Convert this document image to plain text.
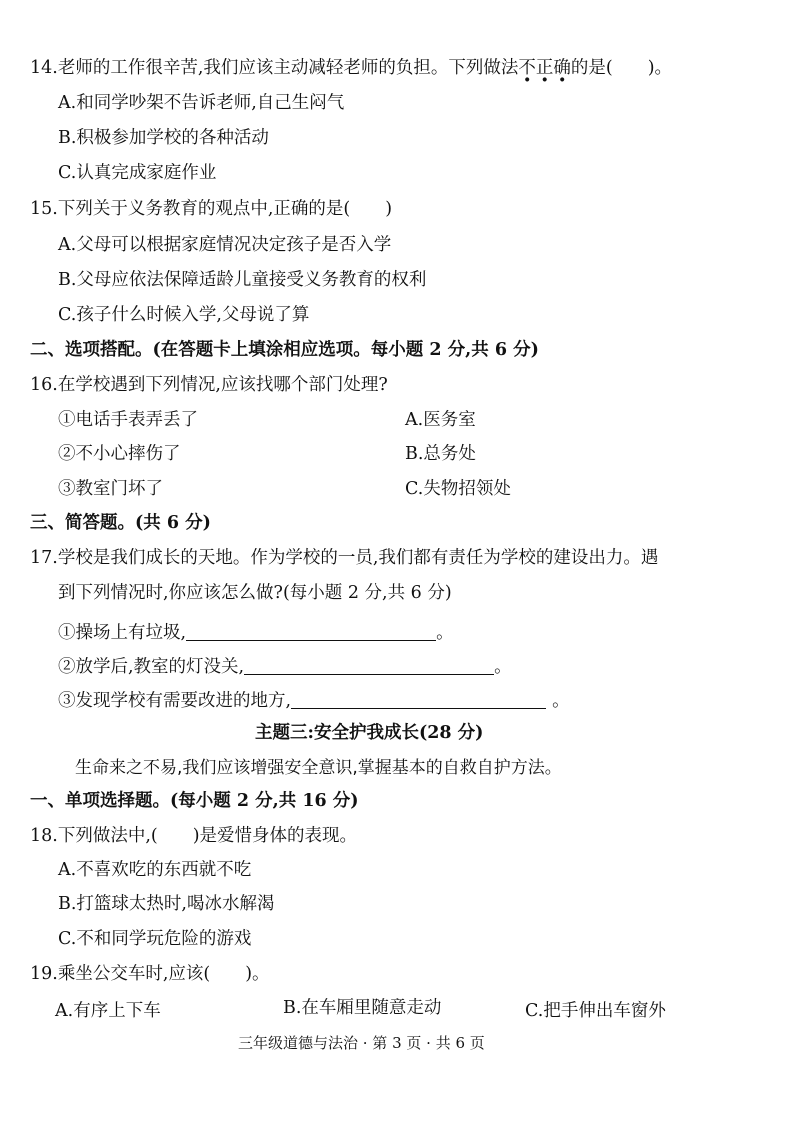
14.老师的工作很辛苦,我们应该主动减轻老师的负担。下列做法不正确的是(　　)。
A.和同学吵架不告诉老师,自己生闷气
B.积极参加学校的各种活动
C.认真完成家庭作业
15.下列关于义务教育的观点中,正确的是(　　)
A.父母可以根据家庭情况决定孩子是否入学
B.父母应依法保障适龄儿童接受义务教育的权利
C.孩子什么时候入学,父母说了算
二、选项搭配。(在答题卡上填涂相应选项。每小题 2 分,共 6 分)
16.在学校遇到下列情况,应该找哪个部门处理?
①电话手表弄丢了	A.医务室
②不小心摔伤了	B.总务处
③教室门坏了	C.失物招领处
三、简答题。(共 6 分)
17.学校是我们成长的天地。作为学校的一员,我们都有责任为学校的建设出力。遇
到下列情况时,你应该怎么做?(每小题 2 分,共 6 分)
①操场上有垃圾,	。
②放学后,教室的灯没关,	。
③发现学校有需要改进的地方,	。
主题三:安全护我成长(28 分)
生命来之不易,我们应该增强安全意识,掌握基本的自救自护方法。
一、单项选择题。(每小题 2 分,共 16 分)
18.下列做法中,(　　)是爱惜身体的表现。
A.不喜欢吃的东西就不吃
B.打篮球太热时,喝冰水解渴
C.不和同学玩危险的游戏
19.乘坐公交车时,应该(　　)。
A.有序上下车	B.在车厢里随意走动	C.把手伸出车窗外
三年级道德与法治 · 第 3 页 · 共 6 页
